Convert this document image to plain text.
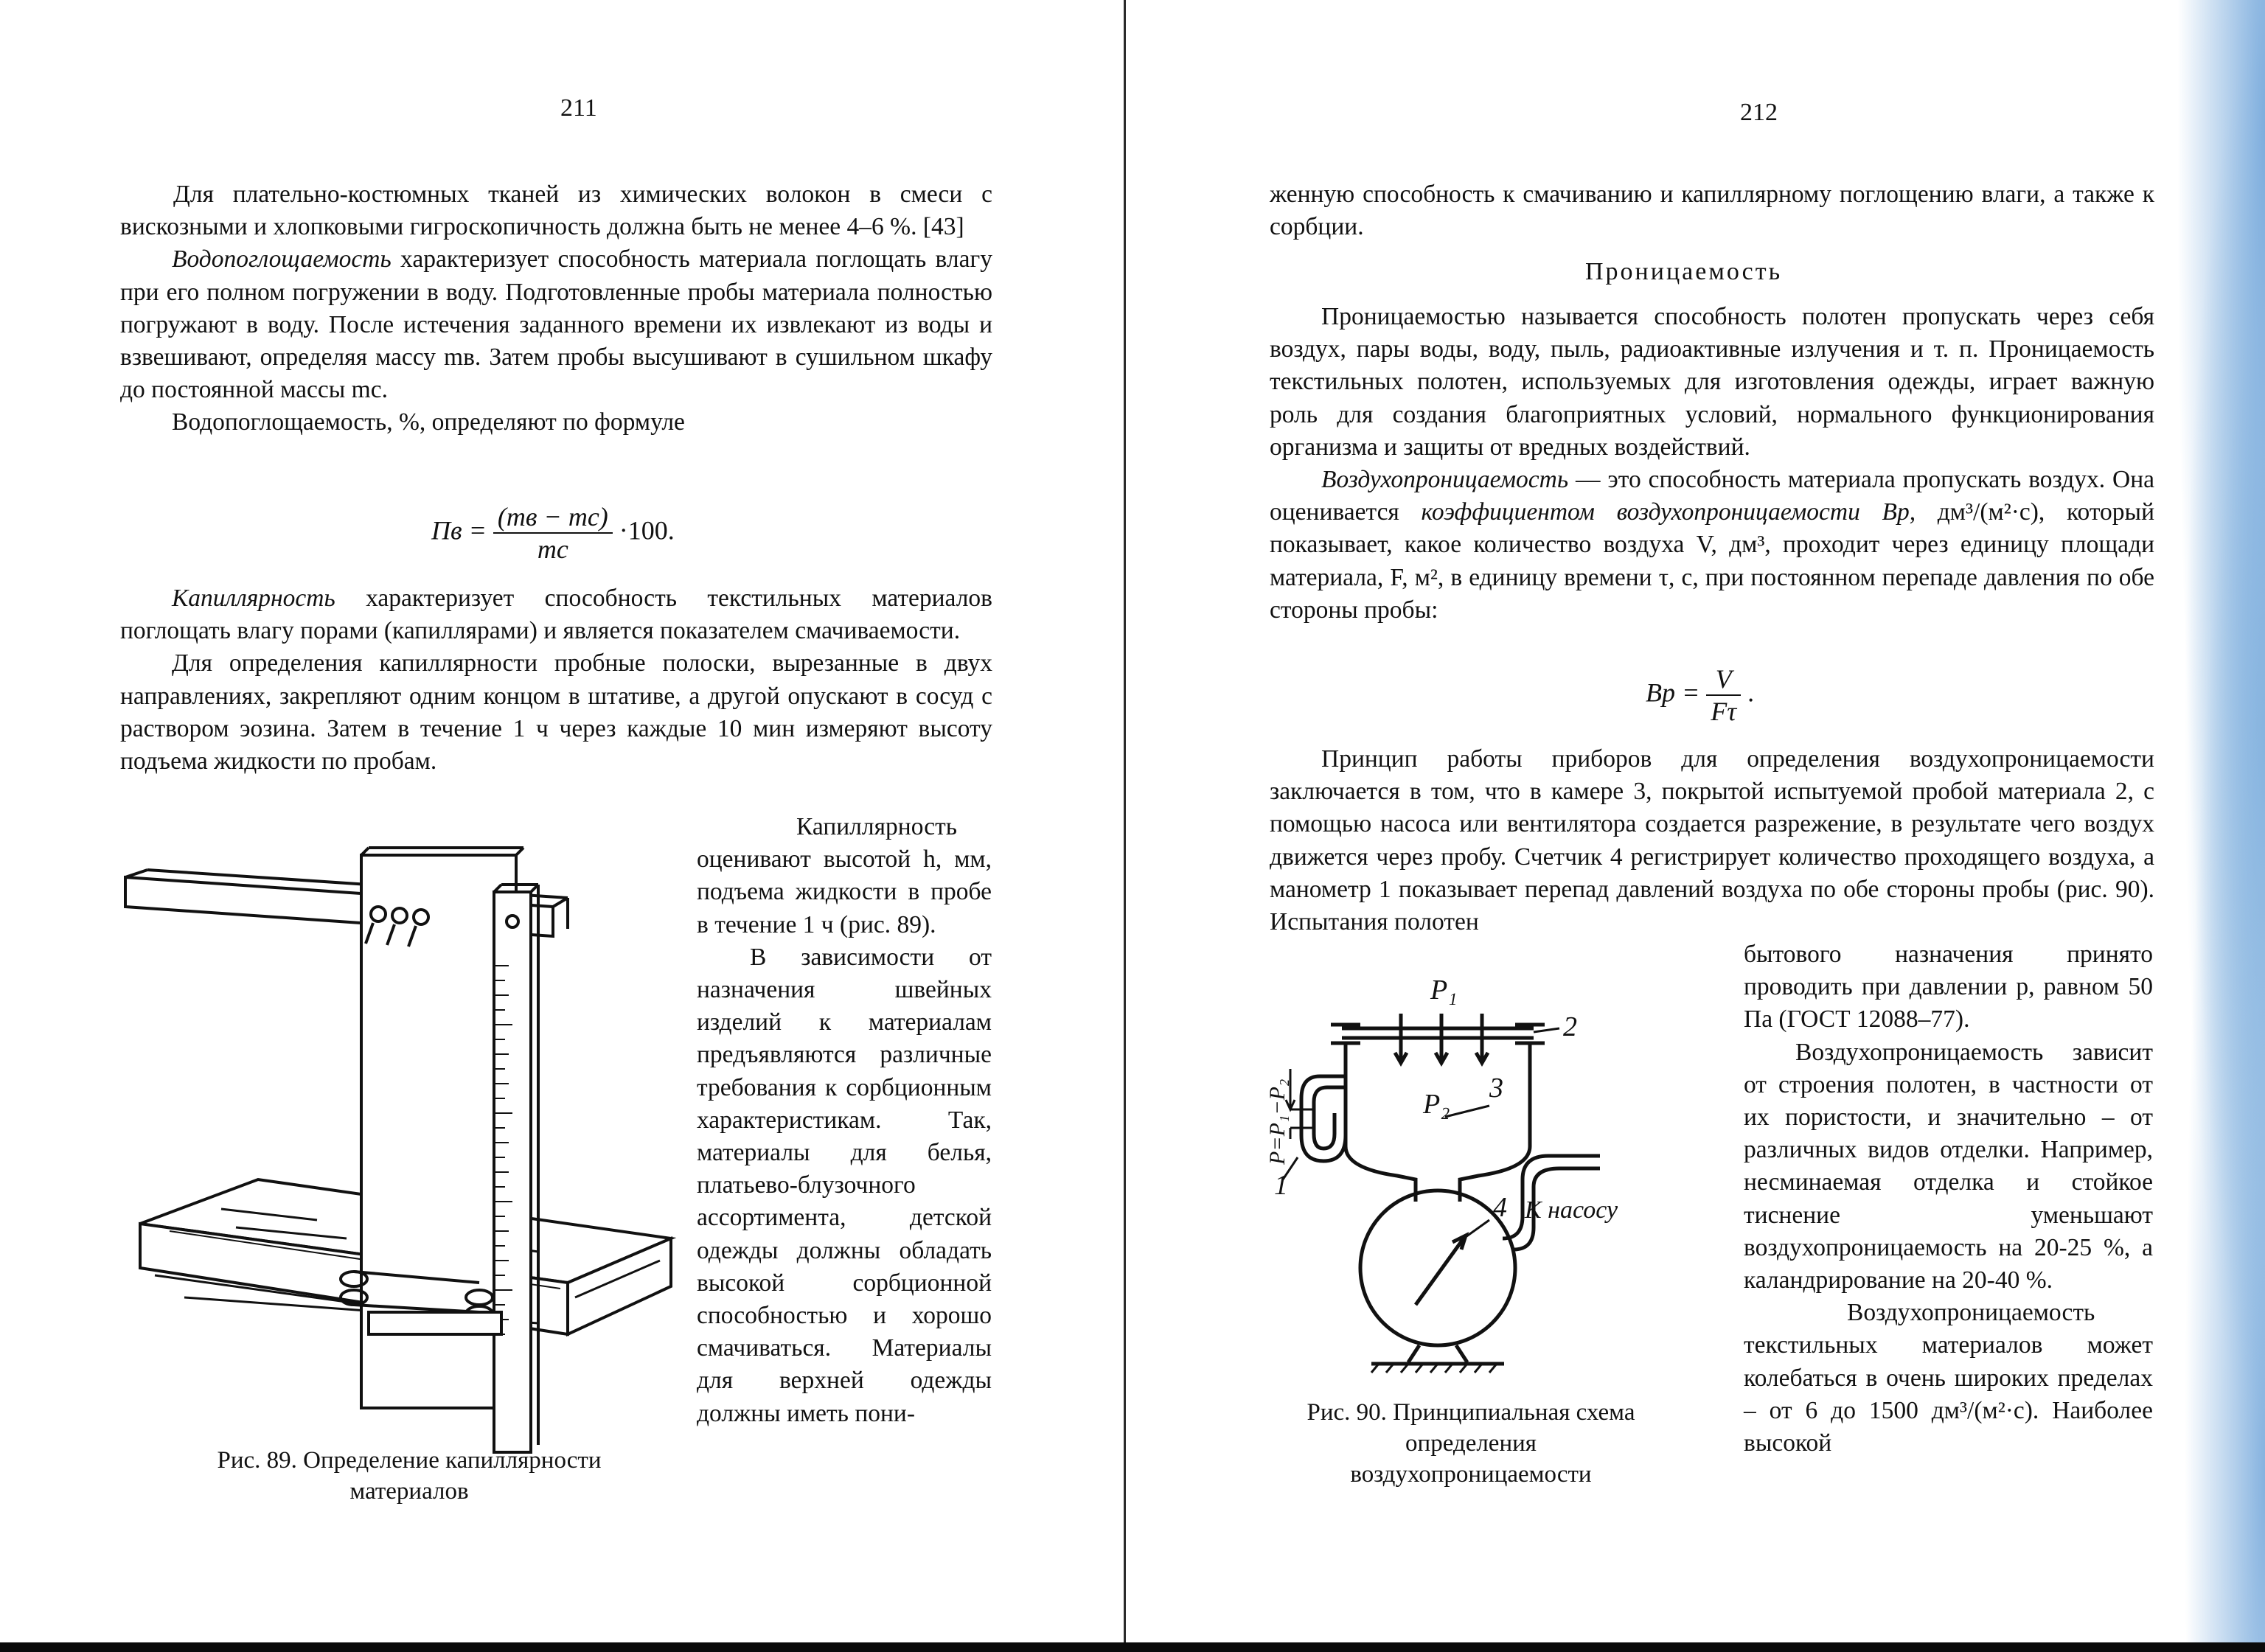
211

Для плательно-костюмных тканей из химических волокон в смеси с вискозными и хлопковыми гигроскопичность должна быть не менее 4–6 %. [43]

Водопоглощаемость характеризует способность материала поглощать влагу при его полном погружении в воду. Подготовленные пробы материала полностью погружают в воду. После истечения заданного времени их извлекают из воды и взвешивают, определяя массу mв. Затем пробы высушивают в сушильном шкафу до постоянной массы mс.

Водопоглощаемость, %, определяют по формуле

Пв = $\frac{(mв - mс)}{mс} \cdot 100$.

Капиллярность характеризует способность текстильных материалов поглощать влагу порами (капиллярами) и является показателем смачиваемости.

Для определения капиллярности пробные полоски, вырезанные в двух направлениях, закрепляют одним концом в штативе, а другой опускают в сосуд с раствором эозина. Затем в течение 1 ч через каждые 10 мин измеряют высоту подъема жидкости по пробам.

Рис. 89. Определение капиллярности материалов

Капиллярность оценивают высотой h, мм, подъема жидкости в пробе в течение 1 ч (рис. 89).

В зависимости от назначения швейных изделий к материалам предъявляются различные требования к сорбционным характеристикам. Так, материалы для белья, платьево-блузочного ассортимента, детской одежды должны обладать высокой сорбционной способностью и хорошо смачиваться. Материалы для верхней одежды должны иметь пони-

212

женную способность к смачиванию и капиллярному поглощению влаги, а также к сорбции.

Проницаемость

Проницаемостью называется способность полотен пропускать через себя воздух, пары воды, воду, пыль, радиоактивные излучения и т. п. Проницаемость текстильных полотен, используемых для изготовления одежды, играет важную роль для создания благоприятных условий, нормального функционирования организма и защиты от вредных воздействий.

Воздухопроницаемость — это способность материала пропускать воздух. Она оценивается коэффициентом воздухопроницаемости Bp, дм³/(м²·с), который показывает, какое количество воздуха V, дм³, проходит через единицу площади материала, F, м², в единицу времени τ, с, при постоянном перепаде давления по обе стороны пробы:

$Bp = \frac{V}{F\tau}$ .

Принцип работы приборов для определения воздухопроницаемости заключается в том, что в камере 3, покрытой испытуемой пробой материала 2, с помощью насоса или вентилятора создается разрежение, в результате чего воздух движется через пробу. Счетчик 4 регистрирует количество проходящего воздуха, а манометр 1 показывает перепад давлений воздуха по обе стороны пробы (рис. 90). Испытания полотен

P₁
P₂
2
3
4
1
К насосу
P=P₁−P₂
Рис. 90. Принципиальная схема определения воздухопроницаемости

бытового назначения принято проводить при давлении p, равном 50 Па (ГОСТ 12088–77).

Воздухопроницаемость зависит от строения полотен, в частности от их пористости, и значительно – от различных видов отделки. Например, несминаемая отделка и стойкое тиснение уменьшают воздухопроницаемость на 20-25 %, а каландрирование на 20-40 %.

Воздухопроницаемость текстильных материалов может колебаться в очень широких пределах – от 6 до 1500 дм³/(м²·с). Наиболее высокой
